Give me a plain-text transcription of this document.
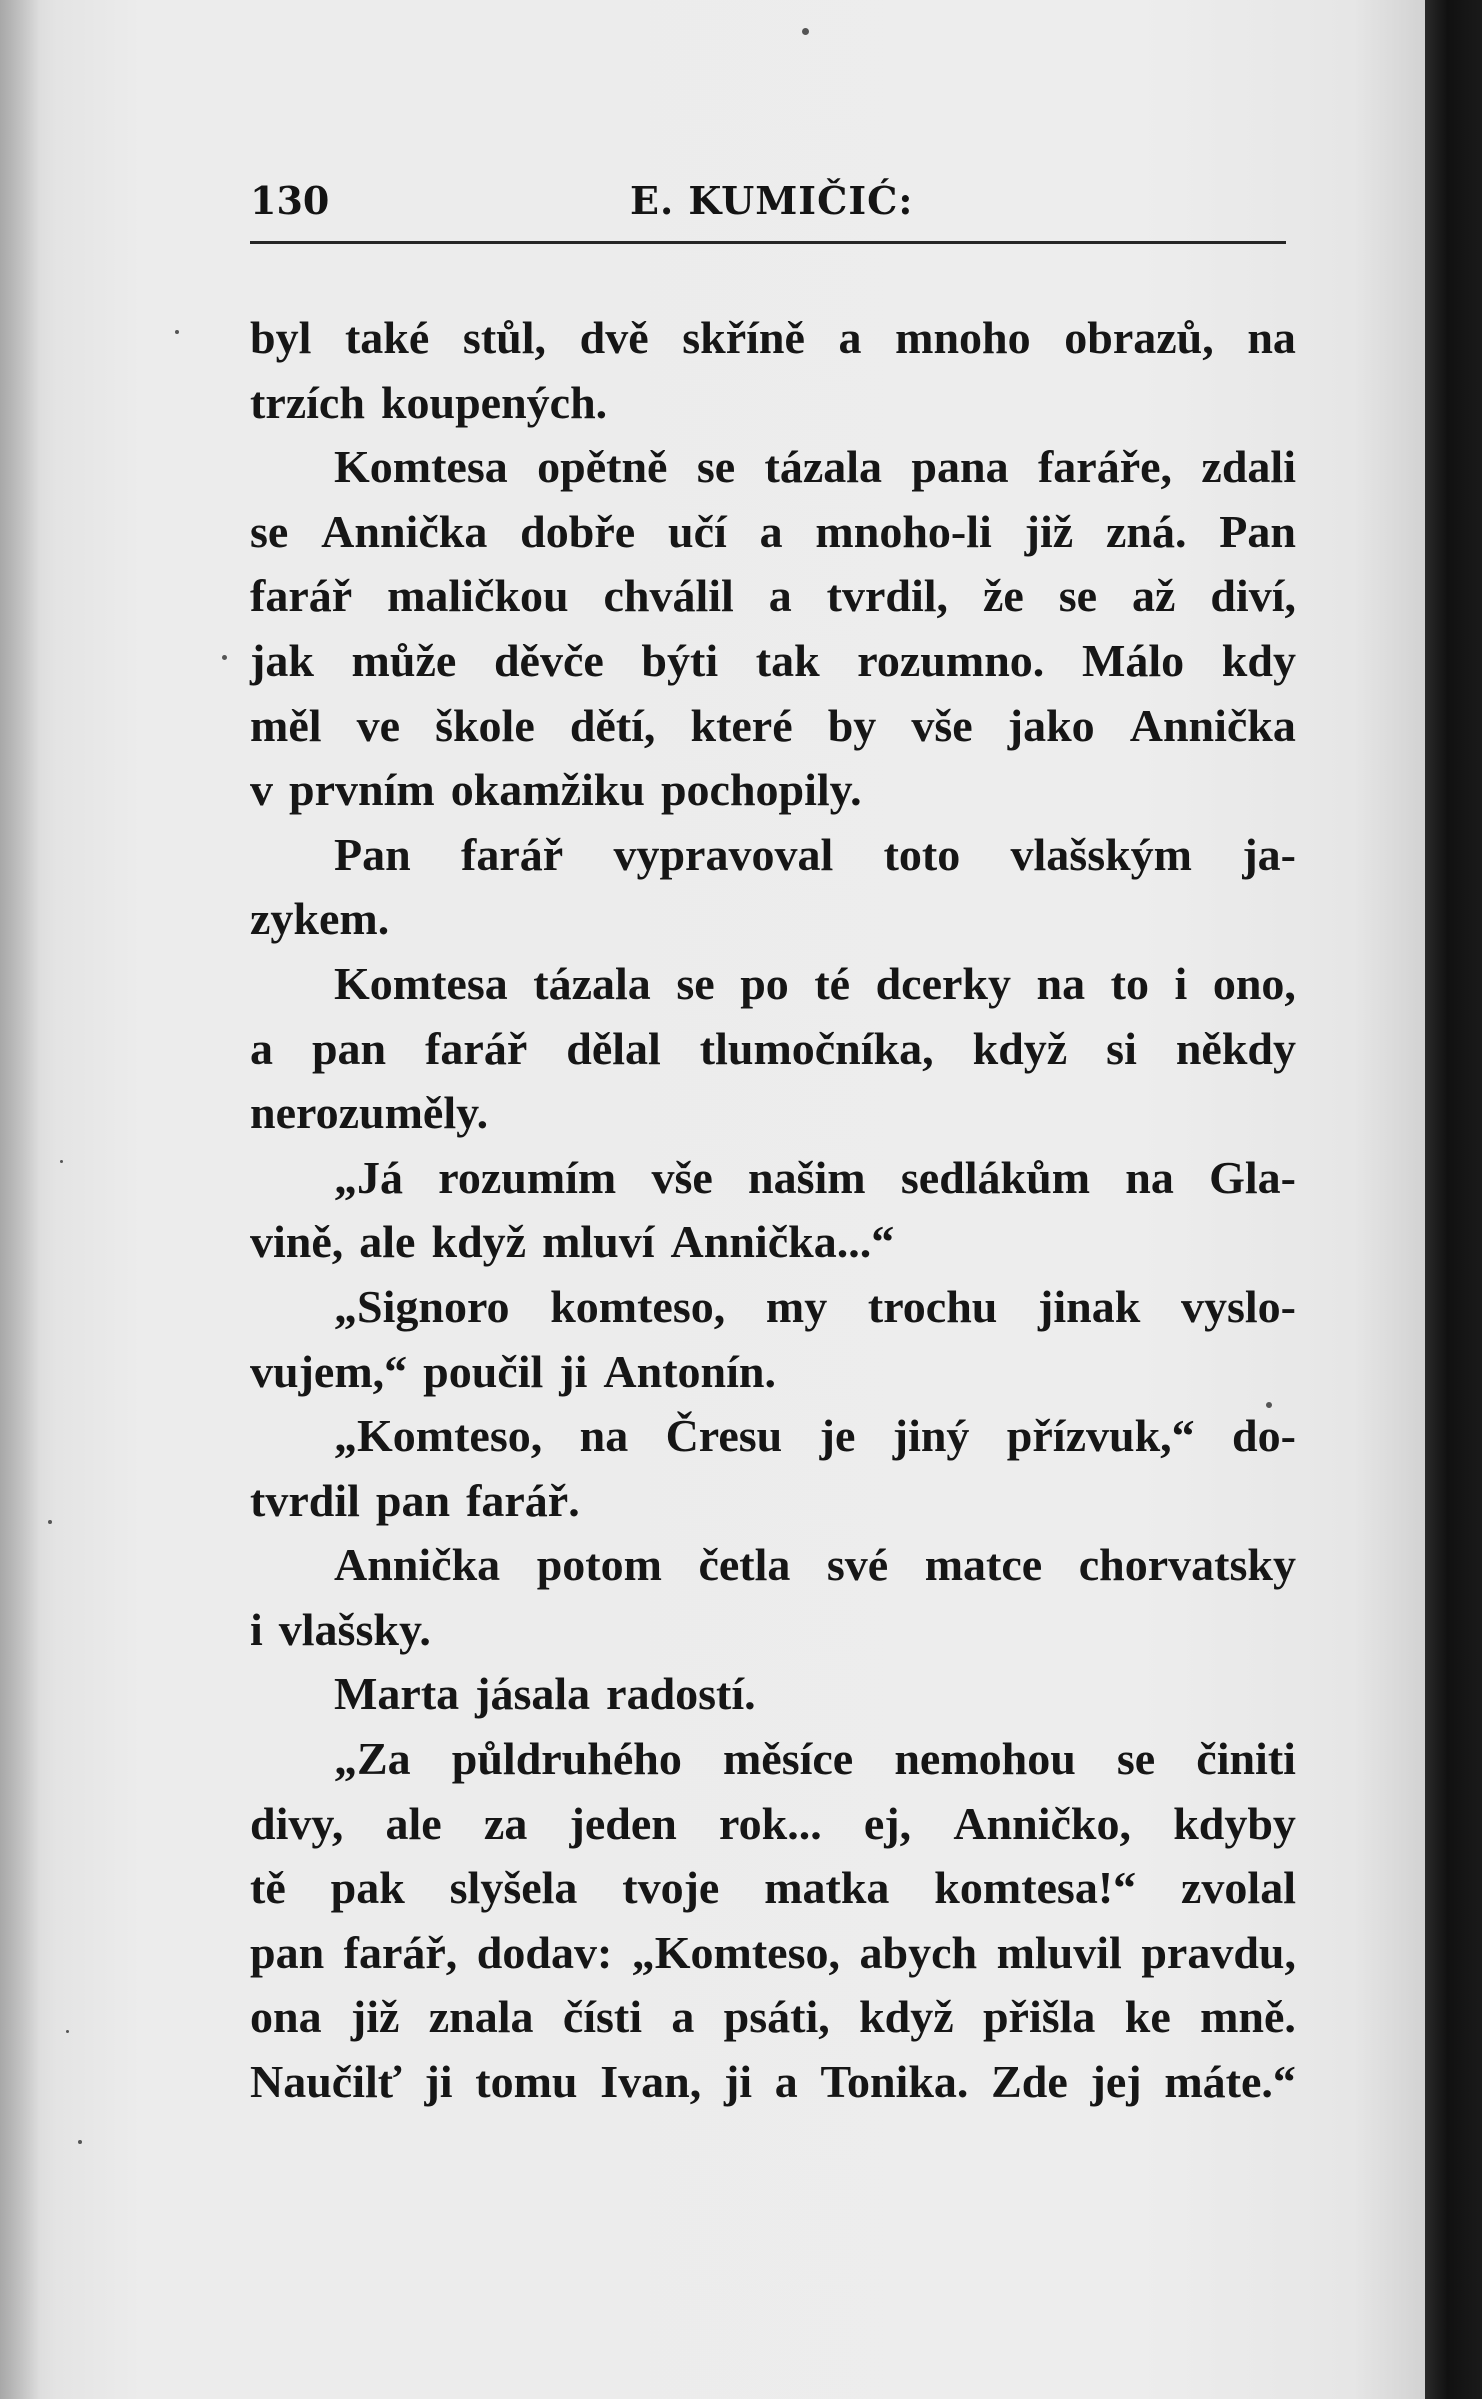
130	E. KUMIČIĆ:
byl také stůl, dvě skříně a mnoho obrazů, na
trzích koupených.
Komtesa opětně se tázala pana faráře, zdali
se Annička dobře učí a mnoho-li již zná. Pan
farář maličkou chválil a tvrdil, že se až diví,
jak může děvče býti tak rozumno. Málo kdy
měl ve škole dětí, které by vše jako Annička
v prvním okamžiku pochopily.
Pan farář vypravoval toto vlašským ja-
zykem.
Komtesa tázala se po té dcerky na to i ono,
a pan farář dělal tlumočníka, když si někdy
nerozuměly.
„Já rozumím vše našim sedlákům na Gla-
vině, ale když mluví Annička...“
„Signoro komteso, my trochu jinak vyslo-
vujem,“ poučil ji Antonín.
„Komteso, na Čresu je jiný přízvuk,“ do-
tvrdil pan farář.
Annička potom četla své matce chorvatsky
i vlašsky.
Marta jásala radostí.
„Za půldruhého měsíce nemohou se činiti
divy, ale za jeden rok... ej, Anničko, kdyby
tě pak slyšela tvoje matka komtesa!“ zvolal
pan farář, dodav: „Komteso, abych mluvil pravdu,
ona již znala čísti a psáti, když přišla ke mně.
Naučilť ji tomu Ivan, ji a Tonika. Zde jej máte.“
